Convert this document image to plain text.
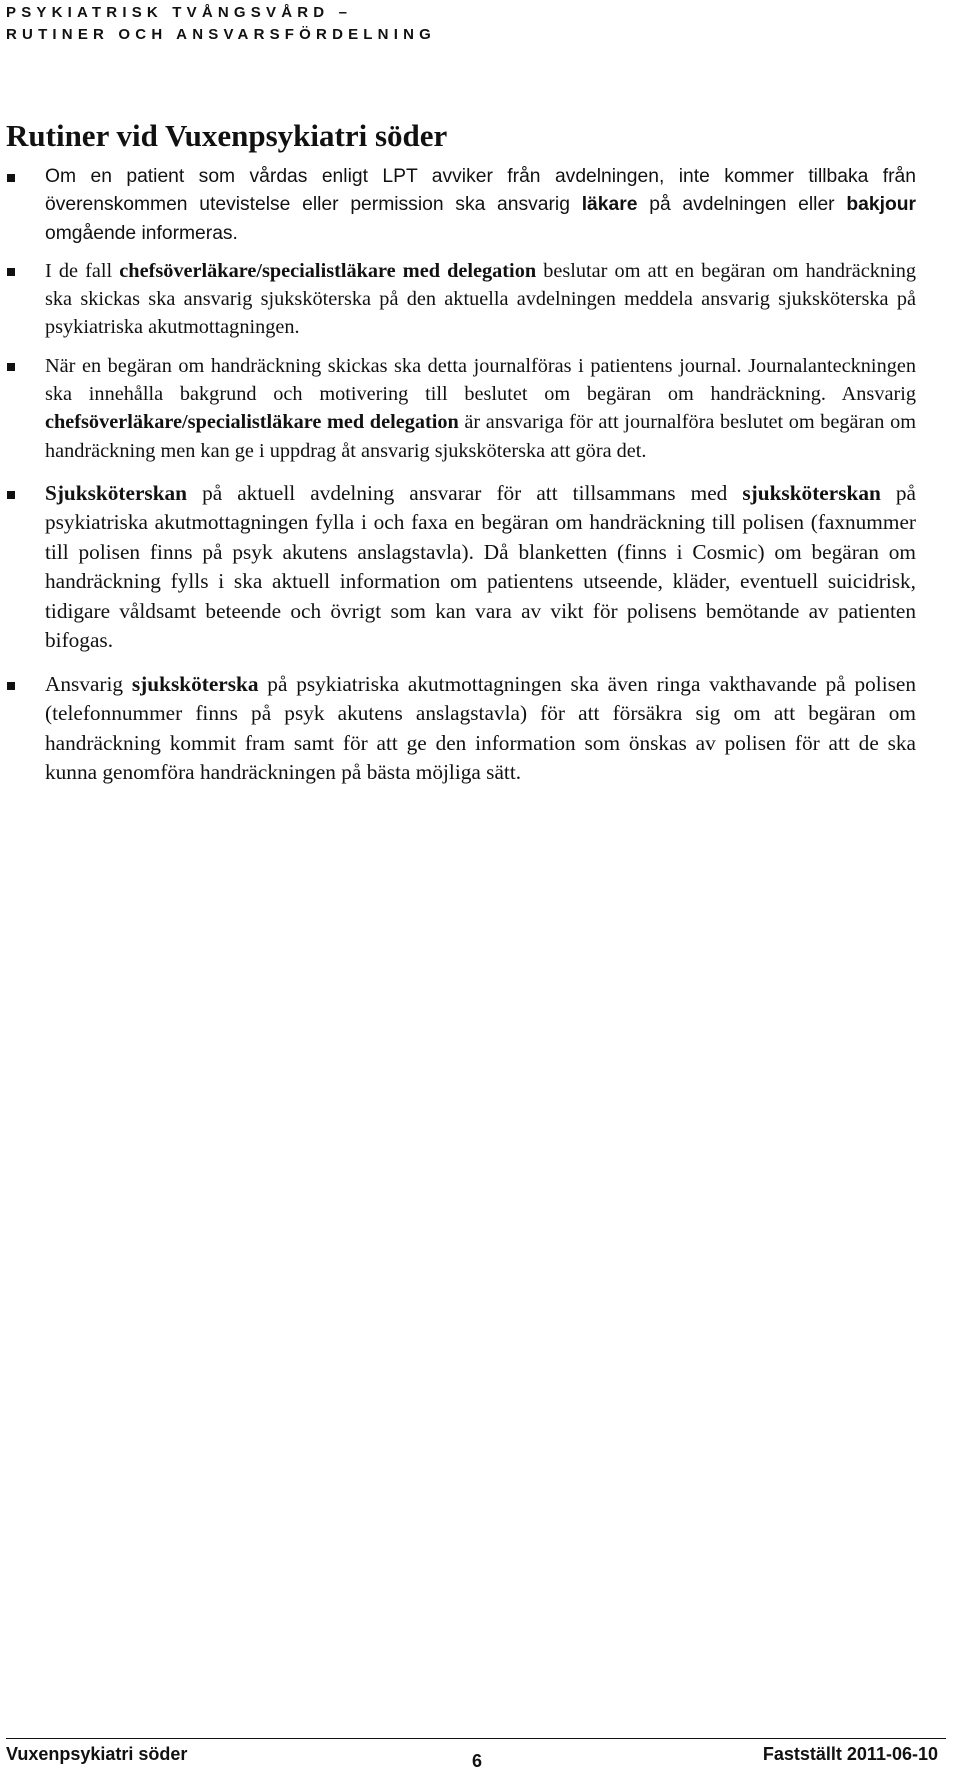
PSYKIATRISK TVÅNGSVÅRD –
RUTINER OCH ANSVARSFÖRDELNING
Rutiner vid Vuxenpsykiatri söder

Om en patient som vårdas enligt LPT avviker från avdelningen, inte kommer tillbaka från överenskommen utevistelse eller permission ska ansvarig läkare på avdelningen eller bakjour omgående informeras.

I de fall chefsöverläkare/specialistläkare med delegation beslutar om att en begäran om handräckning ska skickas ska ansvarig sjuksköterska på den aktuella avdelningen meddela ansvarig sjuksköterska på psykiatriska akutmottagningen.

När en begäran om handräckning skickas ska detta journalföras i patientens journal. Journalanteckningen ska innehålla bakgrund och motivering till beslutet om begäran om handräckning. Ansvarig chefsöverläkare/specialistläkare med delegation är ansvariga för att journalföra beslutet om begäran om handräckning men kan ge i uppdrag åt ansvarig sjuksköterska att göra det.

Sjuksköterskan på aktuell avdelning ansvarar för att tillsammans med sjuksköterskan på psykiatriska akutmottagningen fylla i och faxa en begäran om handräckning till polisen (faxnummer till polisen finns på psyk akutens anslagstavla). Då blanketten (finns i Cosmic) om begäran om handräckning fylls i ska aktuell information om patientens utseende, kläder, eventuell suicidrisk, tidigare våldsamt beteende och övrigt som kan vara av vikt för polisens bemötande av patienten bifogas.

Ansvarig sjuksköterska på psykiatriska akutmottagningen ska även ringa vakthavande på polisen (telefonnummer finns på psyk akutens anslagstavla) för att försäkra sig om att begäran om handräckning kommit fram samt för att ge den information som önskas av polisen för att de ska kunna genomföra handräckningen på bästa möjliga sätt.

Vuxenpsykiatri söder	6	Fastställt 2011-06-10
